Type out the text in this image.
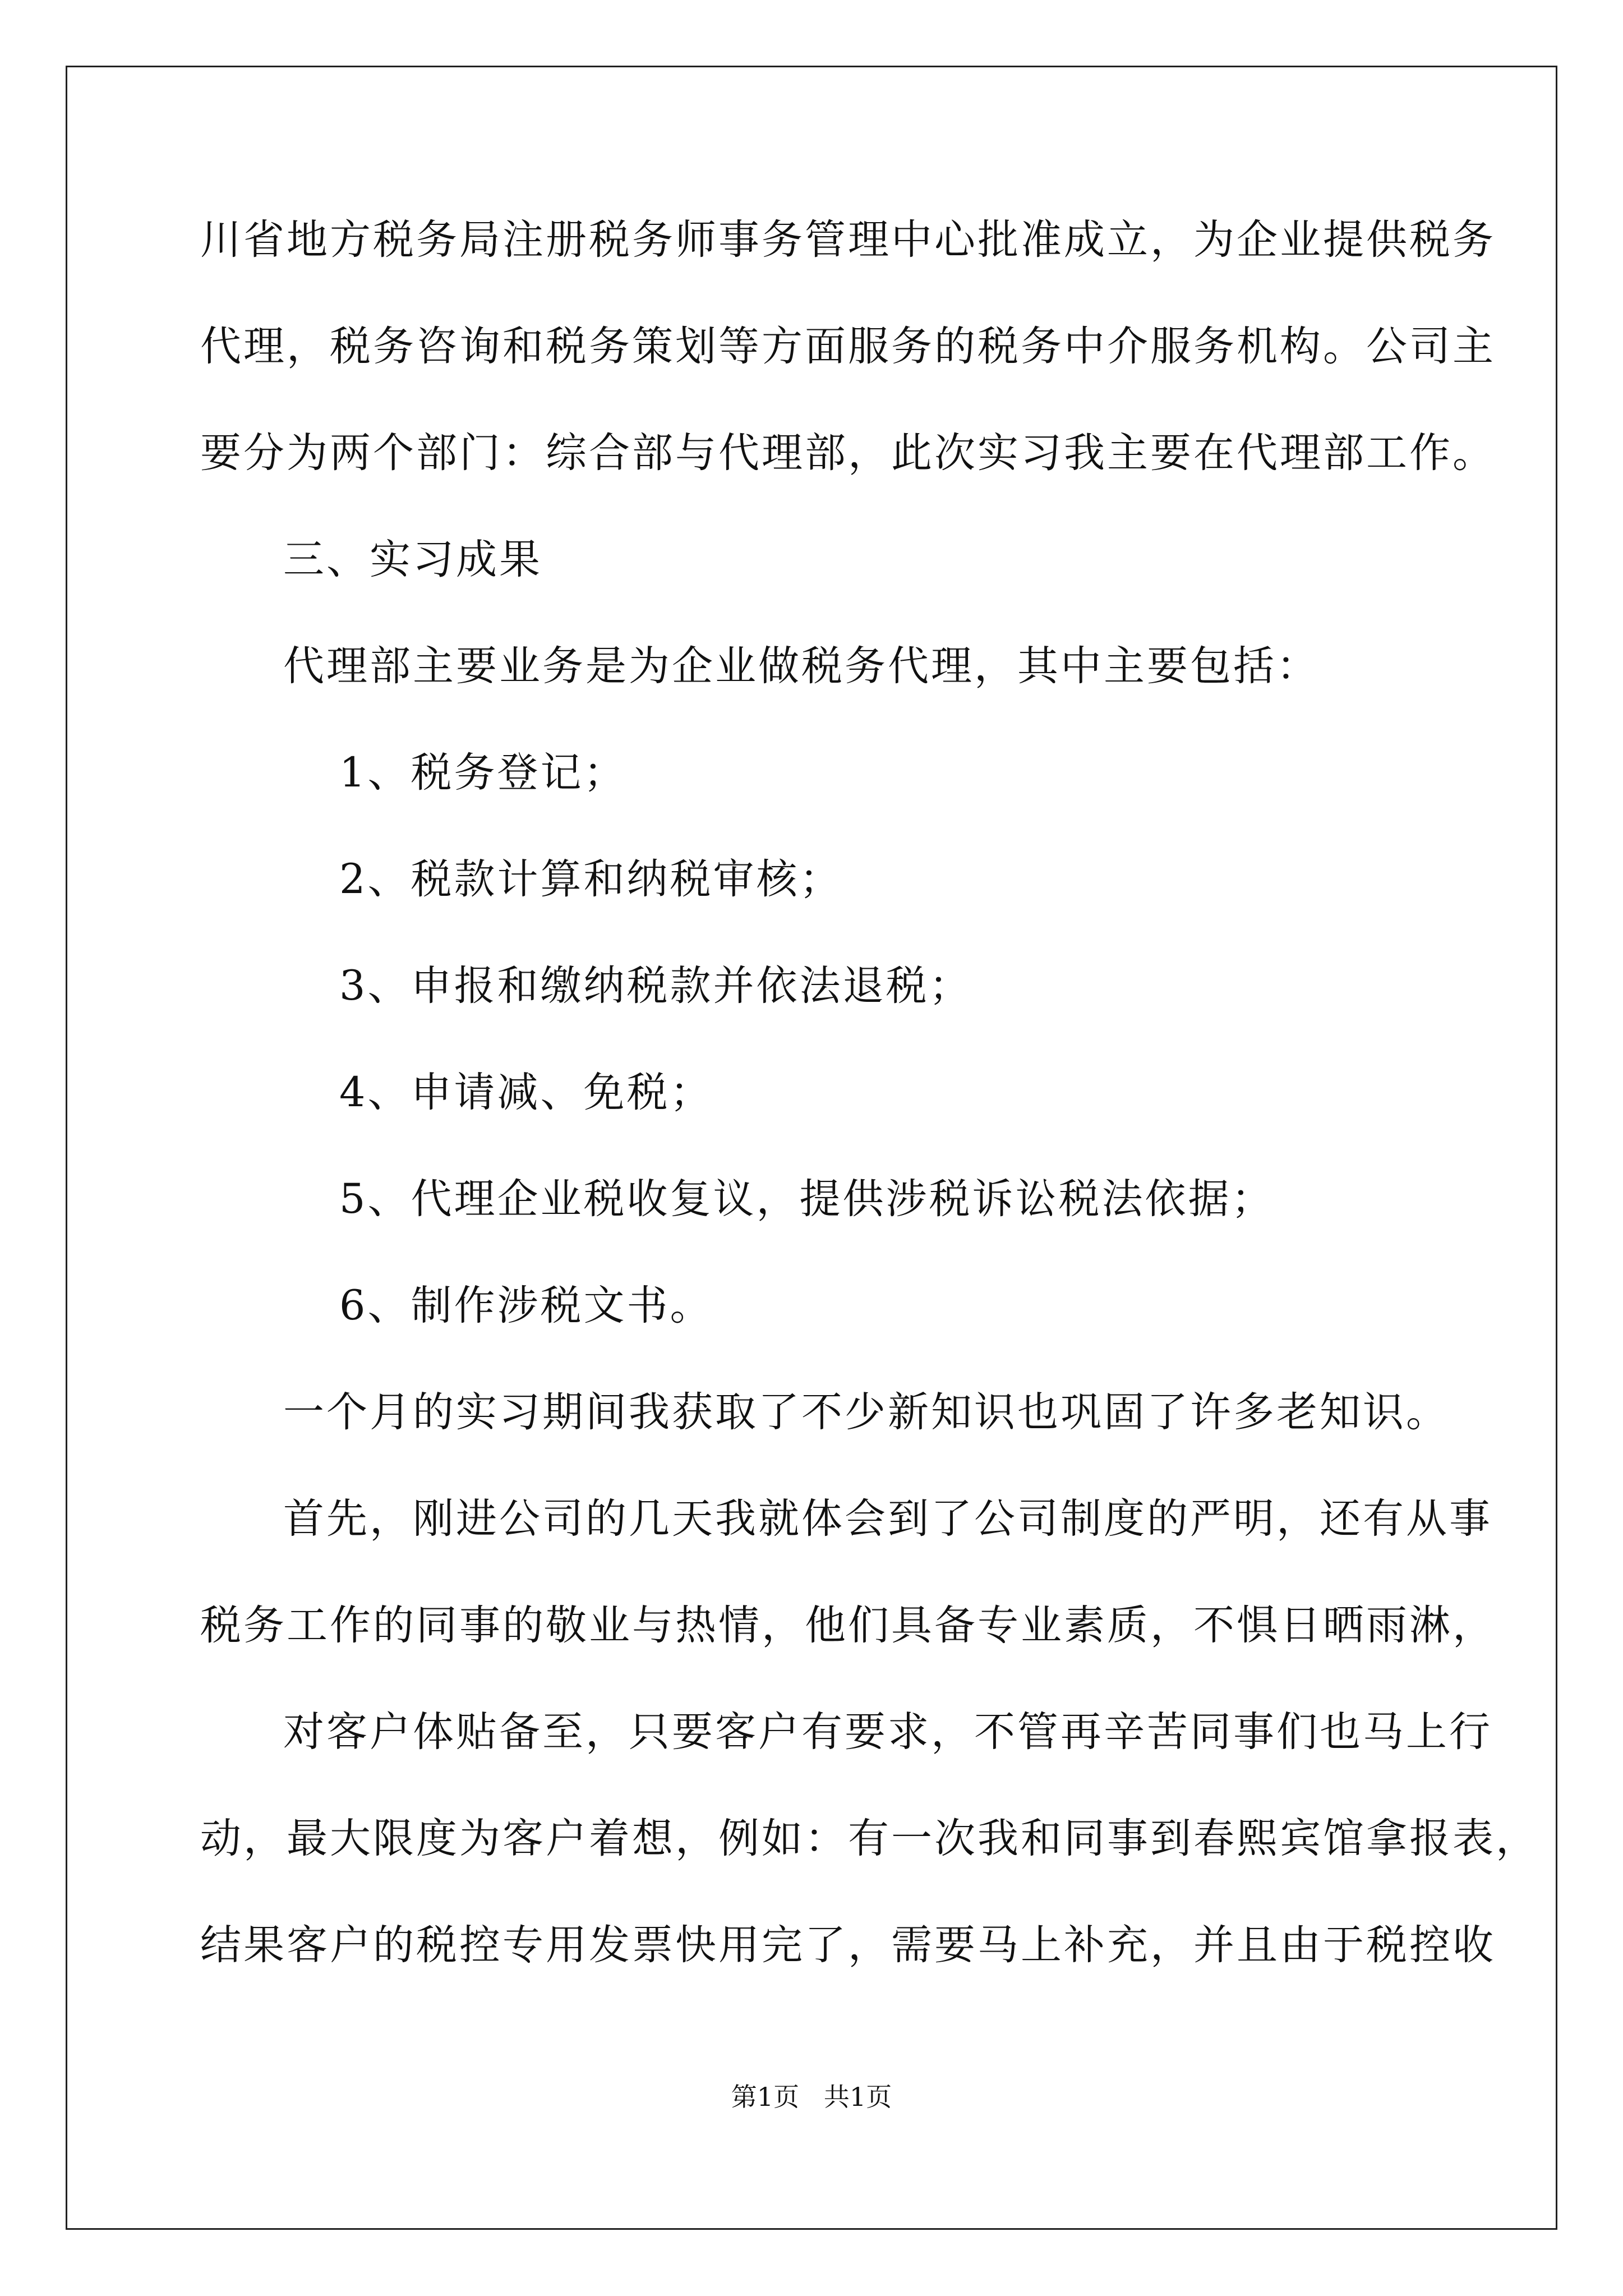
川省地方税务局注册税务师事务管理中心批准成立，为企业提供税务
代理，税务咨询和税务策划等方面服务的税务中介服务机构。公司主
要分为两个部门：综合部与代理部，此次实习我主要在代理部工作。
三、实习成果
代理部主要业务是为企业做税务代理，其中主要包括：
1、税务登记；
2、税款计算和纳税审核；
3、申报和缴纳税款并依法退税；
4、申请减、免税；
5、代理企业税收复议，提供涉税诉讼税法依据；
6、制作涉税文书。
一个月的实习期间我获取了不少新知识也巩固了许多老知识。
首先，刚进公司的几天我就体会到了公司制度的严明，还有从事
税务工作的同事的敬业与热情，他们具备专业素质，不惧日晒雨淋，
对客户体贴备至，只要客户有要求，不管再辛苦同事们也马上行
动，最大限度为客户着想，例如：有一次我和同事到春熙宾馆拿报表，
结果客户的税控专用发票快用完了，需要马上补充，并且由于税控收
第1页   共1页
